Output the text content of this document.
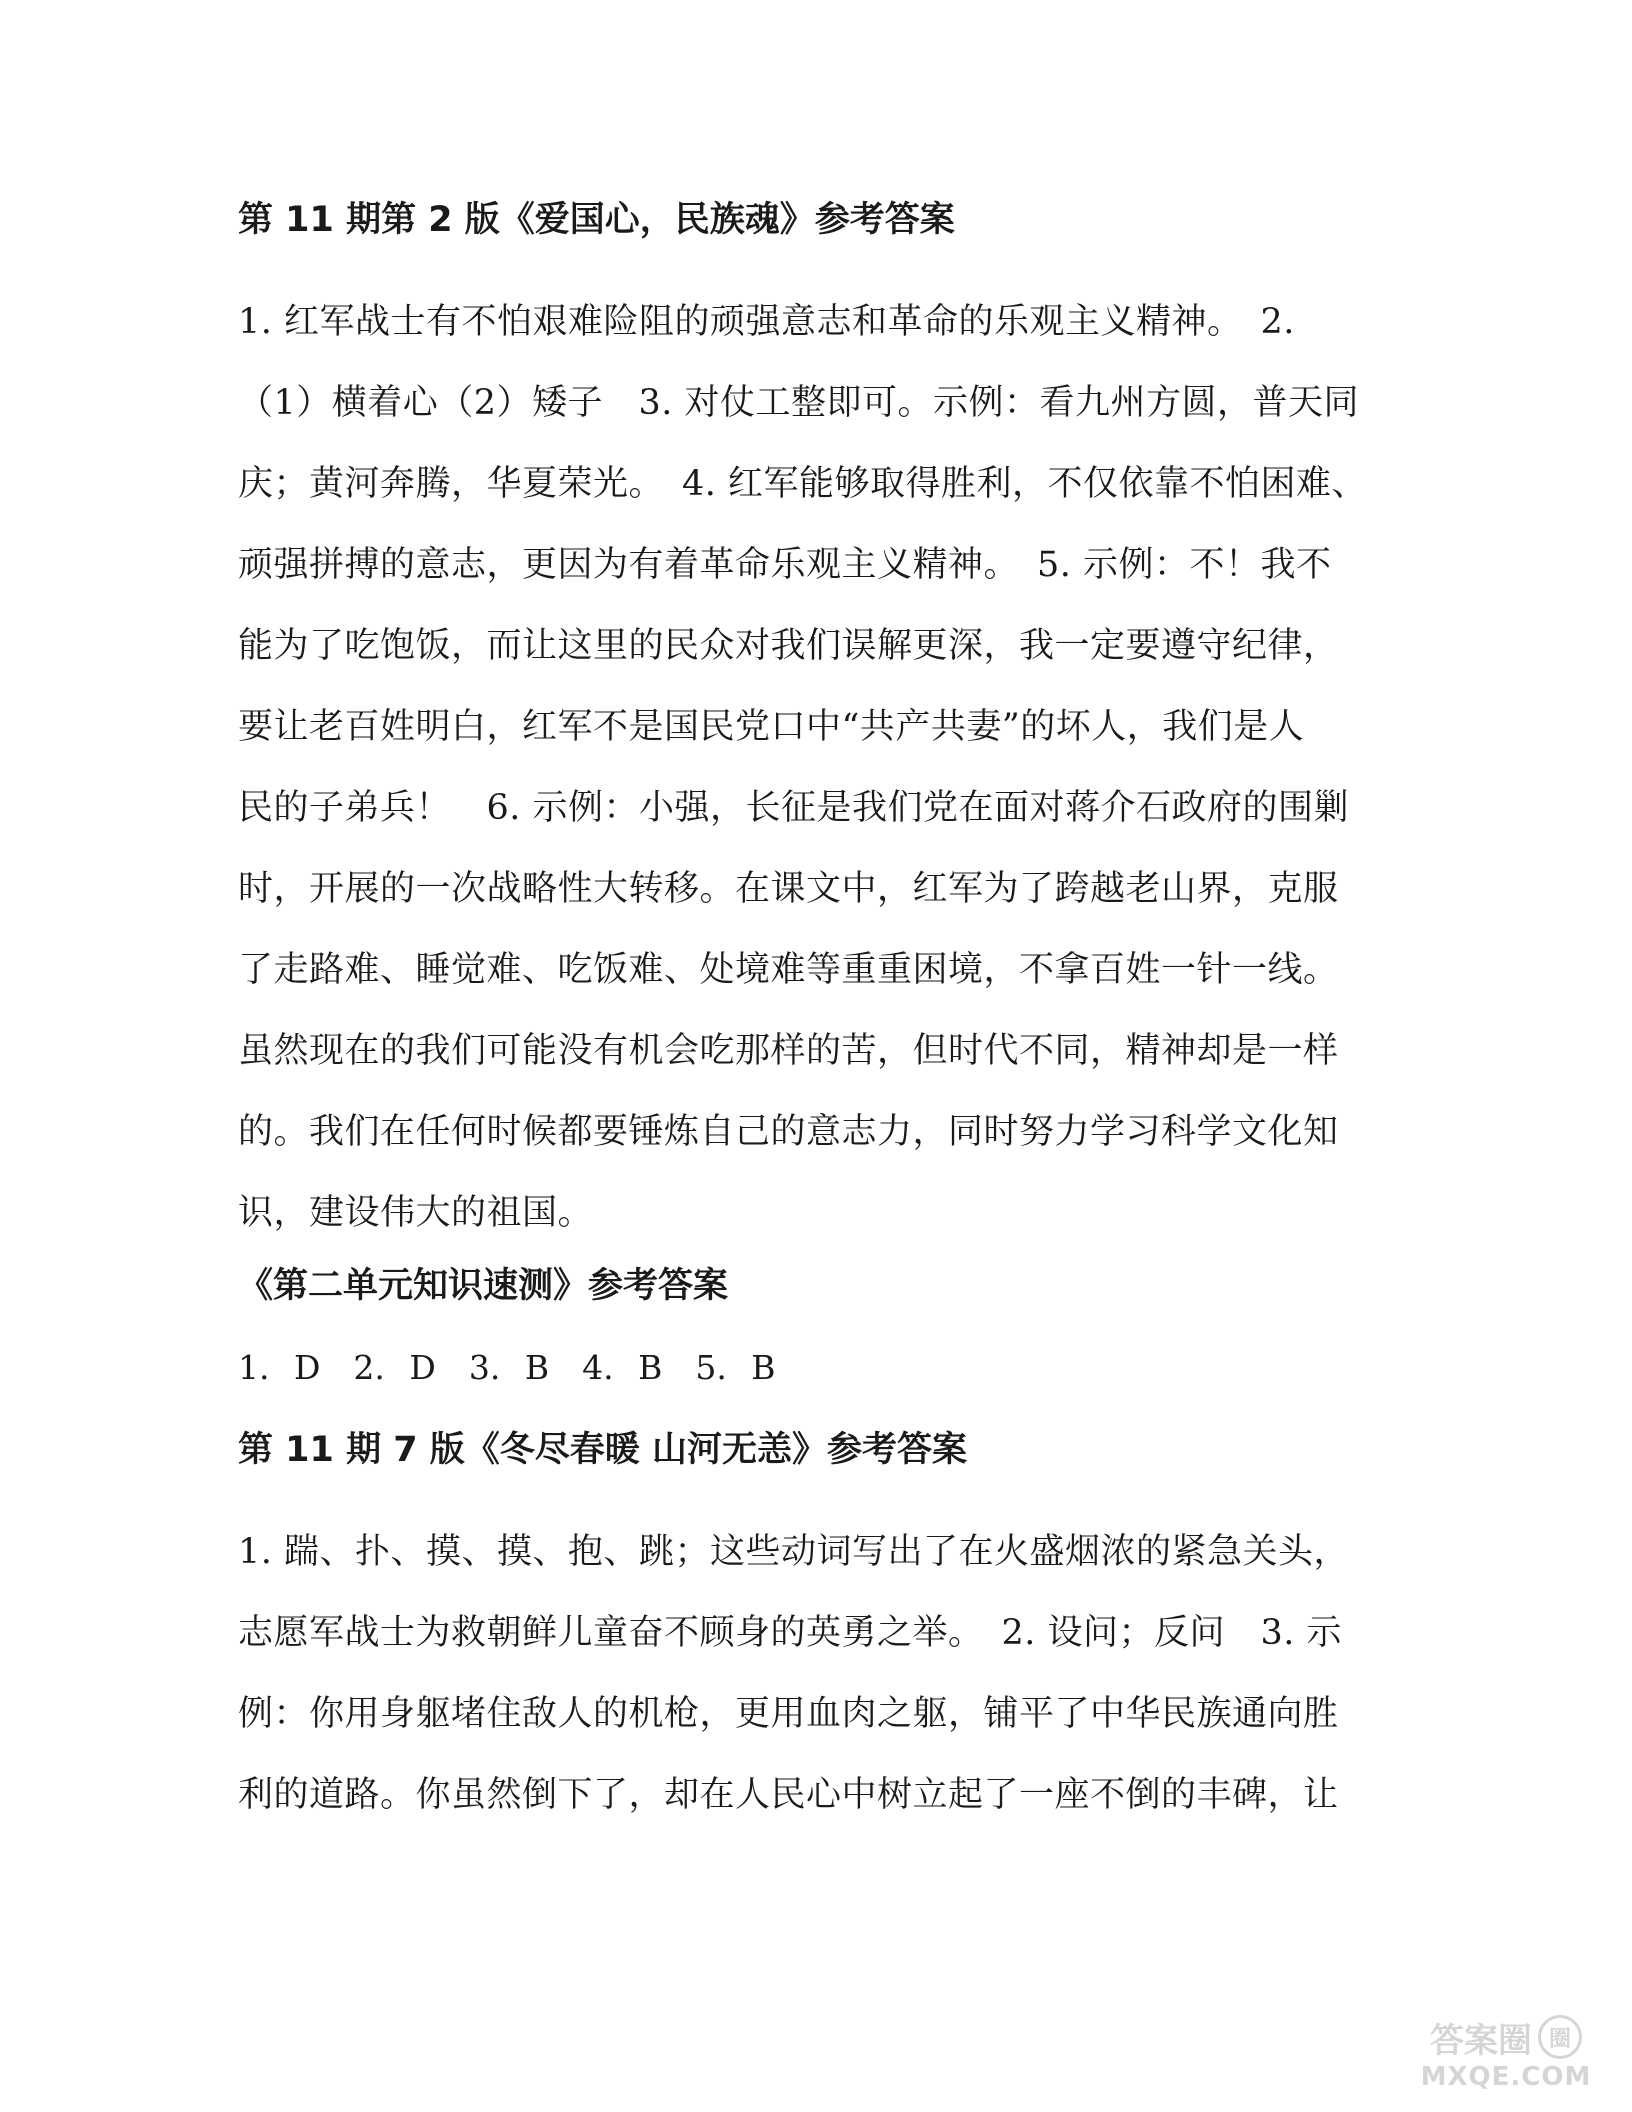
第 11 期第 2 版《爱国心，民族魂》参考答案
1. 红军战士有不怕艰难险阻的顽强意志和革命的乐观主义精神。　2.
（1）横着心（2）矮子　3. 对仗工整即可。示例：看九州方圆，普天同
庆；黄河奔腾，华夏荣光。　4. 红军能够取得胜利，不仅依靠不怕困难、
顽强拼搏的意志，更因为有着革命乐观主义精神。　5. 示例：不！我不
能为了吃饱饭，而让这里的民众对我们误解更深，我一定要遵守纪律，
要让老百姓明白，红军不是国民党口中“共产共妻”的坏人，我们是人
民的子弟兵！　6. 示例：小强，长征是我们党在面对蒋介石政府的围剿
时，开展的一次战略性大转移。在课文中，红军为了跨越老山界，克服
了走路难、睡觉难、吃饭难、处境难等重重困境，不拿百姓一针一线。
虽然现在的我们可能没有机会吃那样的苦，但时代不同，精神却是一样
的。我们在任何时候都要锤炼自己的意志力，同时努力学习科学文化知
识，建设伟大的祖国。
《第二单元知识速测》参考答案
1. D　2. D　3. B　4. B　5. B
第 11 期 7 版《冬尽春暖 山河无恙》参考答案
1. 踹、扑、摸、摸、抱、跳；这些动词写出了在火盛烟浓的紧急关头，
志愿军战士为救朝鲜儿童奋不顾身的英勇之举。　2. 设问；反问　3. 示
例：你用身躯堵住敌人的机枪，更用血肉之躯，铺平了中华民族通向胜
利的道路。你虽然倒下了，却在人民心中树立起了一座不倒的丰碑，让
答案圈 圈
MXQE.COM
